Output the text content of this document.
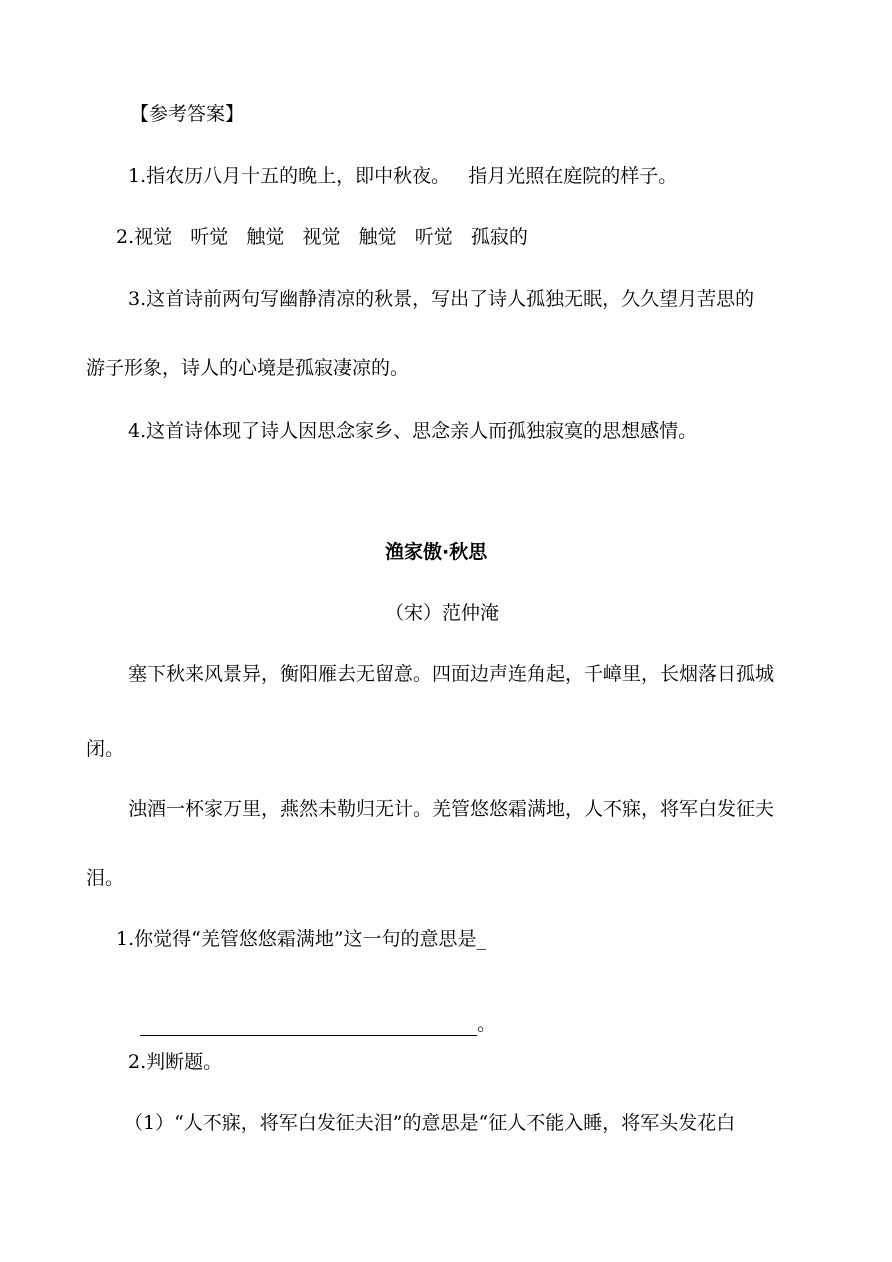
【参考答案】
1.指农历八月十五的晚上，即中秋夜。   指月光照在庭院的样子。
2.视觉   听觉   触觉   视觉   触觉   听觉   孤寂的
3.这首诗前两句写幽静清凉的秋景，写出了诗人孤独无眠，久久望月苦思的
游子形象，诗人的心境是孤寂凄凉的。
4.这首诗体现了诗人因思念家乡、思念亲人而孤独寂寞的思想感情。
渔家傲·秋思
（宋）范仲淹
塞下秋来风景异，衡阳雁去无留意。四面边声连角起，千嶂里，长烟落日孤城
闭。
浊酒一杯家万里，燕然未勒归无计。羌管悠悠霜满地，人不寐，将军白发征夫
泪。
1.你觉得“羌管悠悠霜满地”这一句的意思是_

。

2.判断题。
（1）“人不寐，将军白发征夫泪”的意思是“征人不能入睡，将军头发花白
